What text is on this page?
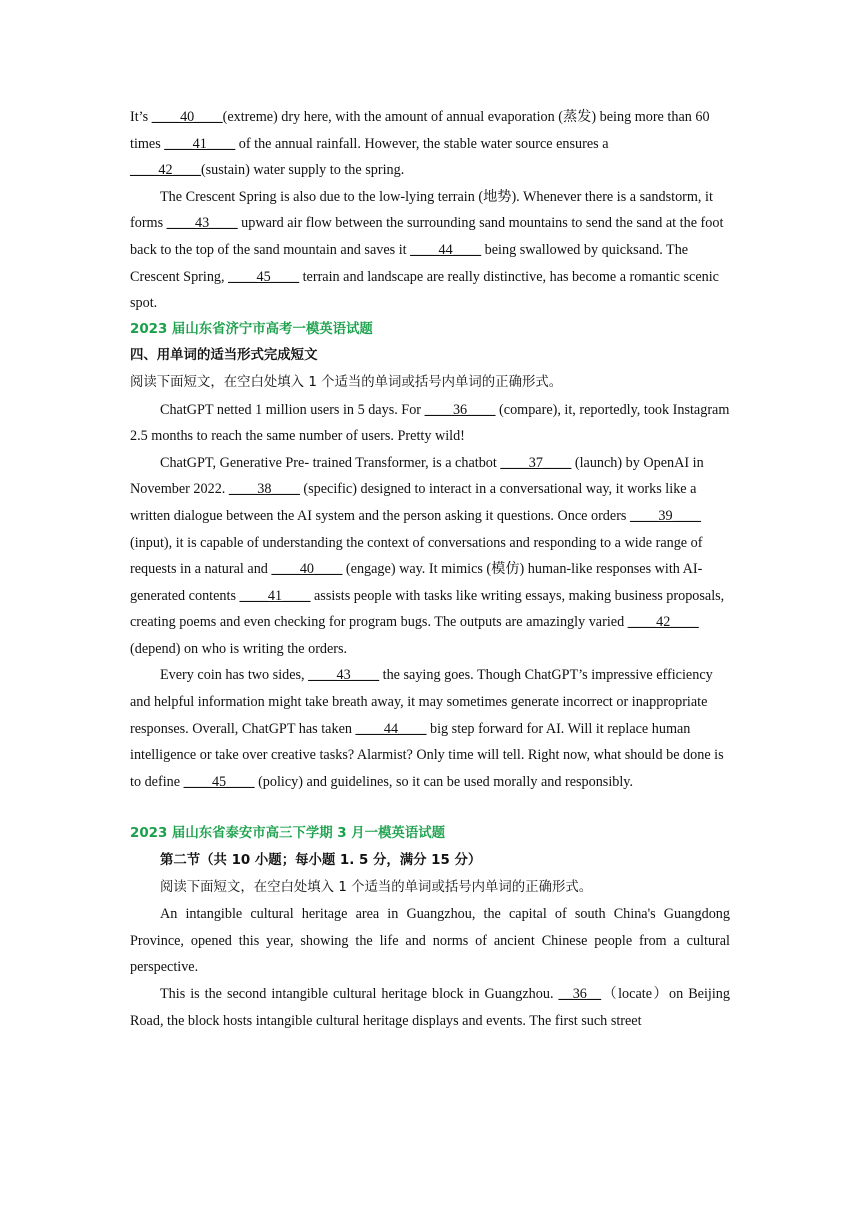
It’s ____40____(extreme) dry here, with the amount of annual evaporation (蒸发) being more than 60 times ____41____ of the annual rainfall. However, the stable water source ensures a ____42____(sustain) water supply to the spring.

The Crescent Spring is also due to the low-lying terrain (地势). Whenever there is a sandstorm, it forms ____43____ upward air flow between the surrounding sand mountains to send the sand at the foot back to the top of the sand mountain and saves it ____44____ being swallowed by quicksand. The Crescent Spring, ____45____ terrain and landscape are really distinctive, has become a romantic scenic spot.

2023 届山东省济宁市高考一模英语试题

四、用单词的适当形式完成短文

阅读下面短文，在空白处填入 1 个适当的单词或括号内单词的正确形式。

ChatGPT netted 1 million users in 5 days. For ____36____ (compare), it, reportedly, took Instagram 2.5 months to reach the same number of users. Pretty wild!

ChatGPT, Generative Pre- trained Transformer, is a chatbot ____37____ (launch) by OpenAI in November 2022. ____38____ (specific) designed to interact in a conversational way, it works like a written dialogue between the AI system and the person asking it questions. Once orders ____39____ (input), it is capable of understanding the context of conversations and responding to a wide range of requests in a natural and ____40____ (engage) way. It mimics (模仿) human-like responses with AI-generated contents ____41____ assists people with tasks like writing essays, making business proposals, creating poems and even checking for program bugs. The outputs are amazingly varied ____42____ (depend) on who is writing the orders.

Every coin has two sides, ____43____ the saying goes. Though ChatGPT’s impressive efficiency and helpful information might take breath away, it may sometimes generate incorrect or inappropriate responses. Overall, ChatGPT has taken ____44____ big step forward for AI. Will it replace human intelligence or take over creative tasks? Alarmist? Only time will tell. Right now, what should be done is to define ____45____ (policy) and guidelines, so it can be used morally and responsibly.

2023 届山东省泰安市高三下学期 3 月一模英语试题

第二节（共 10 小题；每小题 1. 5 分，满分 15 分）

阅读下面短文，在空白处填入 1 个适当的单词或括号内单词的正确形式。

An intangible cultural heritage area in Guangzhou, the capital of south China's Guangdong Province, opened this year, showing the life and norms of ancient Chinese people from a cultural perspective.

This is the second intangible cultural heritage block in Guangzhou. __36__（locate）on Beijing Road, the block hosts intangible cultural heritage displays and events. The first such street
